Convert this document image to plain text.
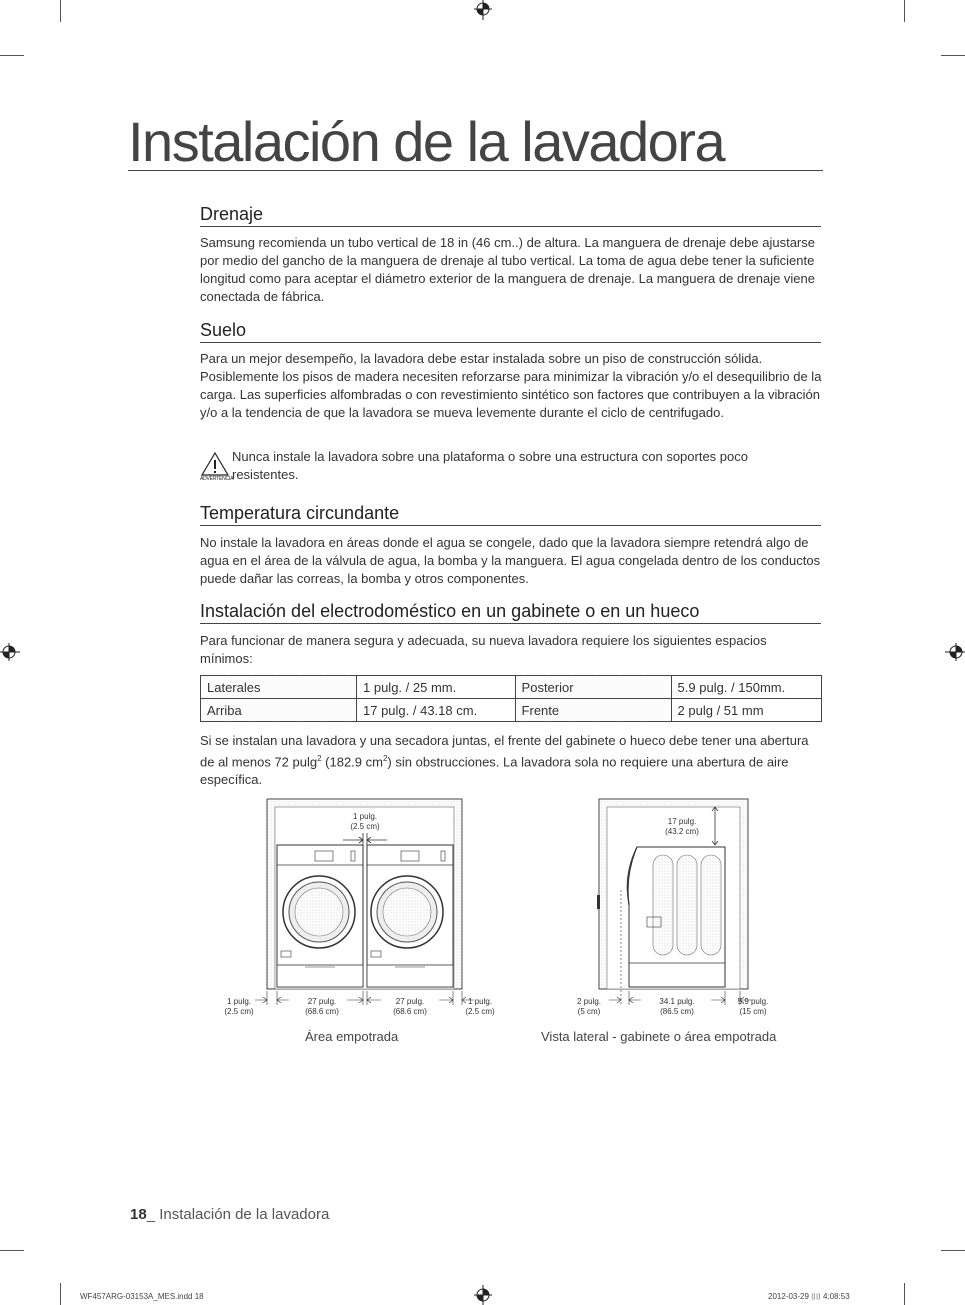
Instalación de la lavadora
Drenaje
Samsung recomienda un tubo vertical de 18 in (46 cm..) de altura. La manguera de drenaje debe ajustarse por medio del gancho de la manguera de drenaje al tubo vertical. La toma de agua debe tener la suficiente longitud como para aceptar el diámetro exterior de la manguera de drenaje. La manguera de drenaje viene conectada de fábrica.
Suelo
Para un mejor desempeño, la lavadora debe estar instalada sobre un piso de construcción sólida. Posiblemente los pisos de madera necesiten reforzarse para minimizar la vibración y/o el desequilibrio de la carga. Las superficies alfombradas o con revestimiento sintético son factores que contribuyen a la vibración y/o a la tendencia de que la lavadora se mueva levemente durante el ciclo de centrifugado.
ADVERTENCIA
Nunca instale la lavadora sobre una plataforma o sobre una estructura con soportes poco resistentes.
Temperatura circundante
No instale la lavadora en áreas donde el agua se congele, dado que la lavadora siempre retendrá algo de agua en el área de la válvula de agua, la bomba y la manguera. El agua congelada dentro de los conductos puede dañar las correas, la bomba y otros componentes.
Instalación del electrodoméstico en un gabinete o en un hueco
Para funcionar de manera segura y adecuada, su nueva lavadora requiere los siguientes espacios mínimos:
Laterales	1 pulg. / 25 mm.	Posterior	5.9 pulg. / 150mm.
Arriba	17 pulg. / 43.18 cm.	Frente	2 pulg / 51 mm
Si se instalan una lavadora y una secadora juntas, el frente del gabinete o hueco debe tener una abertura de al menos 72 pulg$^2$ (182.9 $cm^2$) sin obstrucciones. La lavadora sola no requiere una abertura de aire específica.
1 pulg.
(2.5 cm)
1 pulg.
(2.5 cm)
27 pulg.
(68.6 cm)
27 pulg.
(68.6 cm)
1 pulg.
(2.5 cm)
Área empotrada
17 pulg.
(43.2 cm)
2 pulg.
(5 cm)
34.1 pulg.
(86.5 cm)
5.9 pulg.
(15 cm)
Vista lateral - gabinete o área empotrada
18_ Instalación de la lavadora
WF457ARG-03153A_MES.indd 18	2012-03-29 ⌷⌷ 4:08:53
